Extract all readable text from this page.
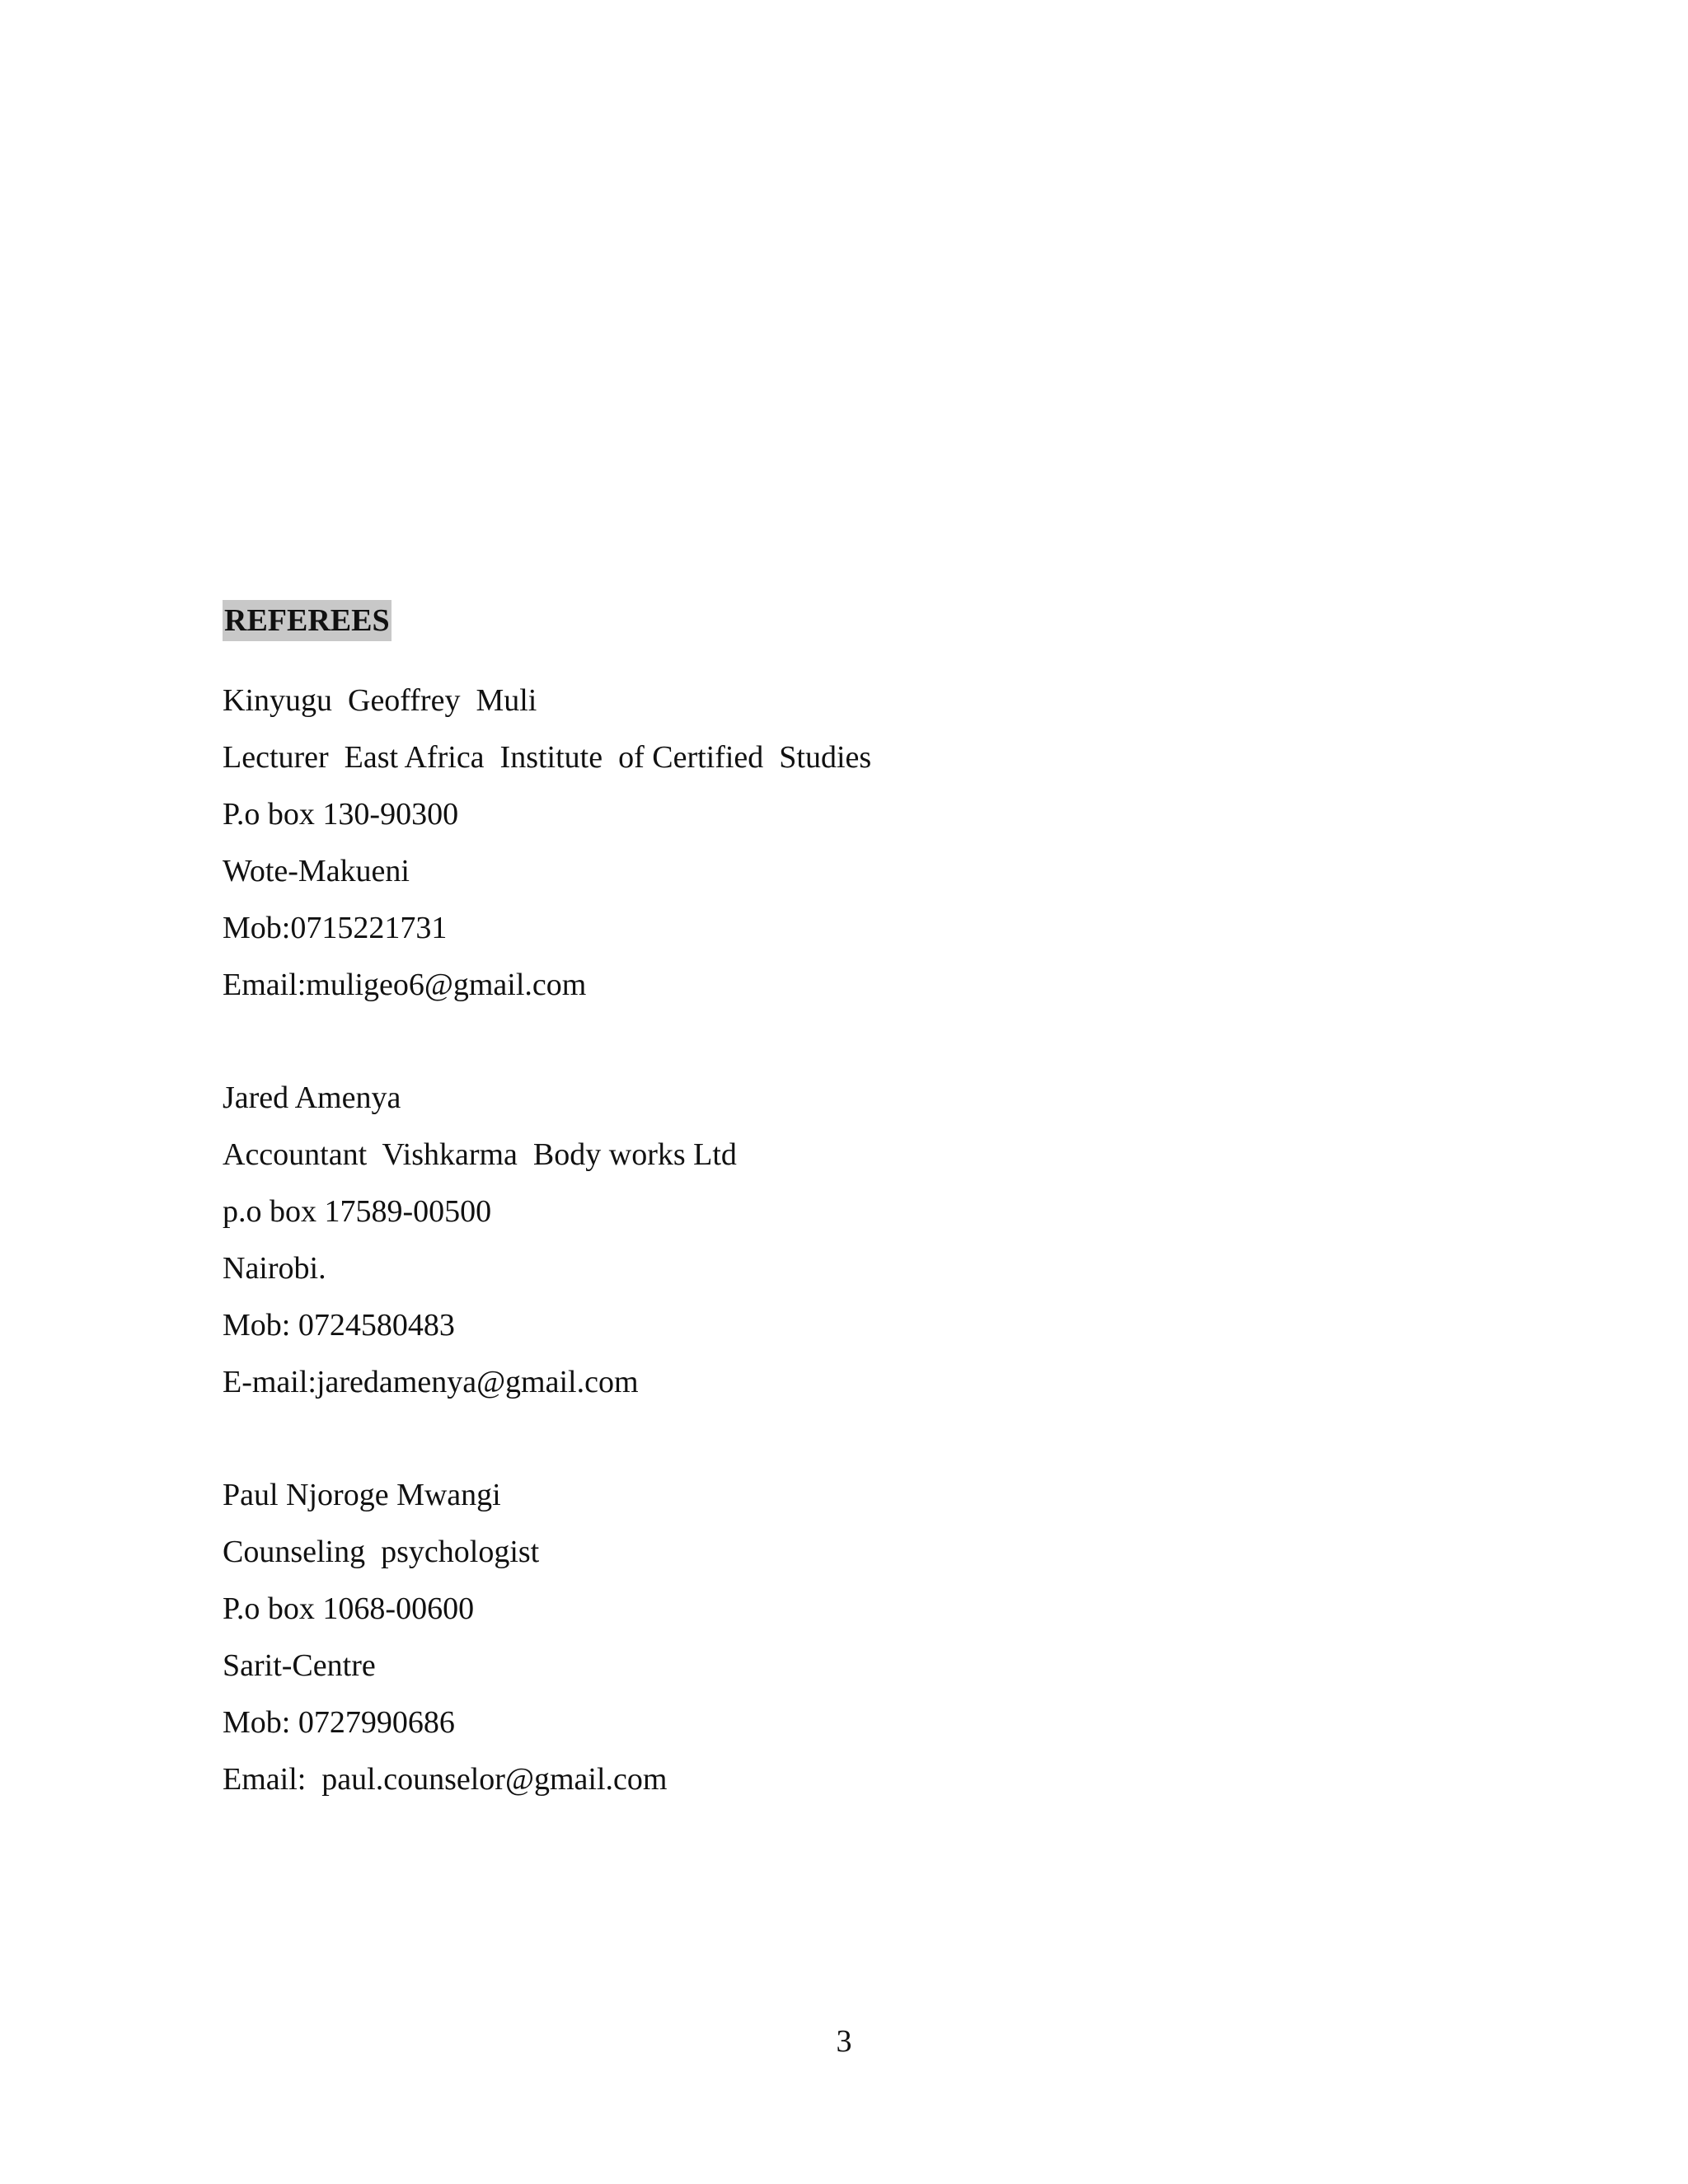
REFEREES
Kinyugu  Geoffrey  Muli
Lecturer  East Africa  Institute  of Certified  Studies
P.o box 130-90300
Wote-Makueni
Mob:0715221731
Email:muligeo6@gmail.com
Jared Amenya
Accountant  Vishkarma  Body works Ltd
p.o box 17589-00500
Nairobi.
Mob: 0724580483
E-mail:jaredamenya@gmail.com
Paul Njoroge Mwangi
Counseling  psychologist
P.o box 1068-00600
Sarit-Centre
Mob: 0727990686
Email:  paul.counselor@gmail.com
3
